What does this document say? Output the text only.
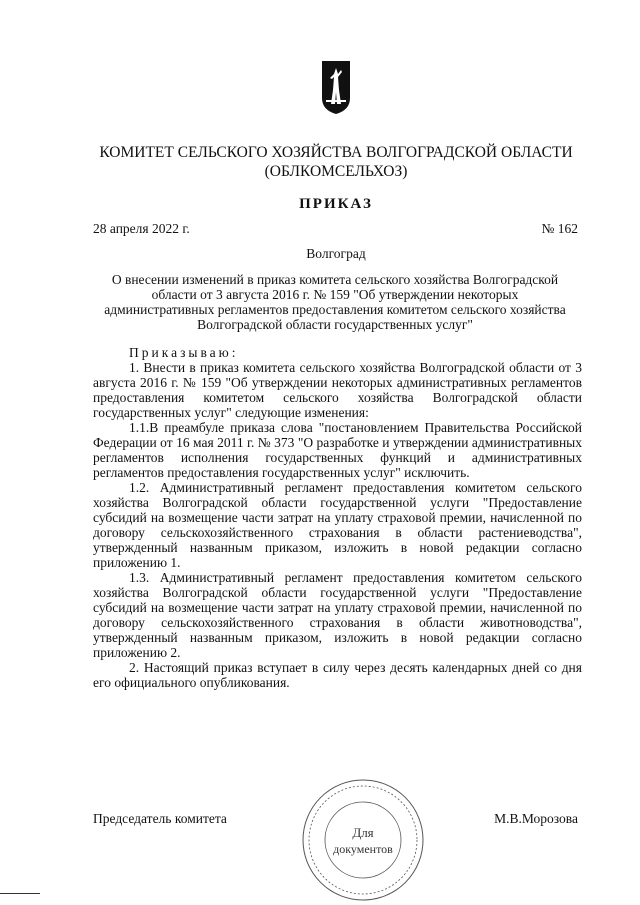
КОМИТЕТ СЕЛЬСКОГО ХОЗЯЙСТВА ВОЛГОГРАДСКОЙ ОБЛАСТИ
(ОБЛКОМСЕЛЬХОЗ)
ПРИКАЗ
28 апреля 2022 г.	№ 162
Волгоград
О внесении изменений в приказ комитета сельского хозяйства Волгоградской области от 3 августа 2016 г. № 159 "Об утверждении некоторых административных регламентов предоставления комитетом сельского хозяйства Волгоградской области государственных услуг"

Приказываю:

1. Внести в приказ комитета сельского хозяйства Волгоградской области от 3 августа 2016 г. № 159 "Об утверждении некоторых административных регламентов предоставления комитетом сельского хозяйства Волгоградской области государственных услуг" следующие изменения:

1.1.В преамбуле приказа слова "постановлением Правительства Российской Федерации от 16 мая 2011 г. № 373 "О разработке и утверждении административных регламентов исполнения государственных функций и административных регламентов предоставления государственных услуг" исключить.

1.2. Административный регламент предоставления комитетом сельского хозяйства Волгоградской области государственной услуги "Предоставление субсидий на возмещение части затрат на уплату страховой премии, начисленной по договору сельскохозяйственного страхования в области растениеводства", утвержденный названным приказом, изложить в новой редакции согласно приложению 1.

1.3. Административный регламент предоставления комитетом сельского хозяйства Волгоградской области государственной услуги "Предоставление субсидий на возмещение части затрат на уплату страховой премии, начисленной по договору сельскохозяйственного страхования в области животноводства", утвержденный названным приказом, изложить в новой редакции согласно приложению 2.

2. Настоящий приказ вступает в силу через десять календарных дней со дня его официального опубликования.

Председатель комитета	М.В.Морозова
Для
документов
